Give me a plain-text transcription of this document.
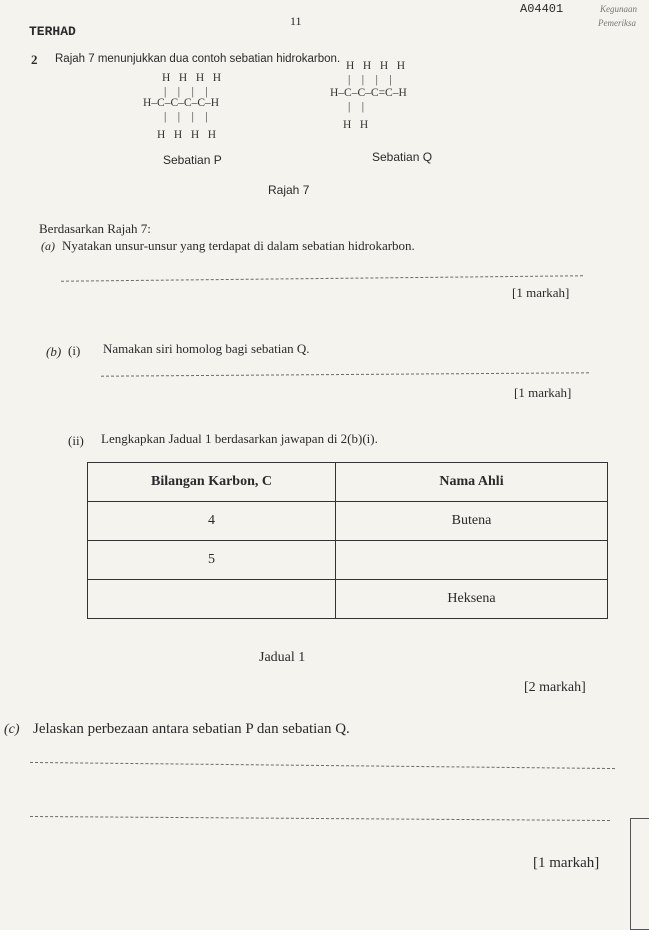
TERHAD
11
A04401	Kegunaan
Pemeriksa
2 Rajah 7 menunjukkan dua contoh sebatian hidrokarbon.
H   H   H   H
|    |    |    |
H–C–C–C–C–H
|    |    |    |
H   H   H   H
Sebatian P
H   H   H   H
|    |    |    |
H–C–C–C=C–H
|    |
H   H
Sebatian Q
Rajah 7
Berdasarkan Rajah 7:
(a) Nyatakan unsur-unsur yang terdapat di dalam sebatian hidrokarbon.
[1 markah]
(b) (i) Namakan siri homolog bagi sebatian Q.
[1 markah]
(ii) Lengkapkan Jadual 1 berdasarkan jawapan di 2(b)(i).
Bilangan Karbon, C	Nama Ahli
4	Butena
5	
	Heksena
Jadual 1
[2 markah]
(c) Jelaskan perbezaan antara sebatian P dan sebatian Q.
[1 markah]
